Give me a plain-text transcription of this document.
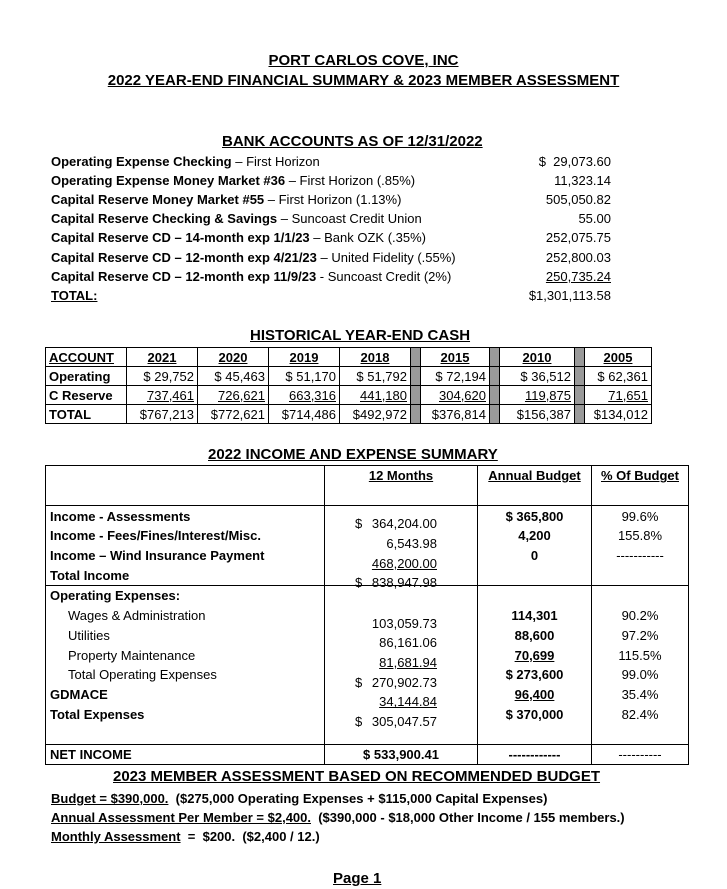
PORT CARLOS COVE, INC
2022 YEAR-END FINANCIAL SUMMARY & 2023 MEMBER ASSESSMENT
BANK ACCOUNTS AS OF 12/31/2022
Operating Expense Checking – First Horizon	$  29,073.60
Operating Expense Money Market #36 – First Horizon (.85%)	11,323.14
Capital Reserve Money Market #55 – First Horizon (1.13%)	505,050.82
Capital Reserve Checking & Savings – Suncoast Credit Union	55.00
Capital Reserve CD – 14-month exp 1/1/23 – Bank OZK (.35%)	252,075.75
Capital Reserve CD – 12-month exp 4/21/23 – United Fidelity (.55%)	252,800.03
Capital Reserve CD – 12-month exp 11/9/23 - Suncoast Credit (2%)	250,735.24
TOTAL:	$1,301,113.58
HISTORICAL YEAR-END CASH
ACCOUNT	2021	2020	2019	2018		2015		2010		2005
Operating	$ 29,752	$ 45,463	$ 51,170	$ 51,792		$ 72,194		$ 36,512		$ 62,361
C Reserve	737,461	726,621	663,316	441,180		304,620		119,875		71,651
TOTAL	$767,213	$772,621	$714,486	$492,972		$376,814		$156,387		$134,012
2022 INCOME AND EXPENSE SUMMARY
	12 Months	Annual Budget	% Of Budget

Income - Assessments	$ 364,204.00	$ 365,800	99.6%
Income - Fees/Fines/Interest/Misc.	6,543.98	4,200	155.8%
Income – Wind Insurance Payment	468,200.00	0	-----------
Total Income	$ 838,947.98		

Operating Expenses:			
Wages & Administration	103,059.73	114,301	90.2%
Utilities	86,161.06	88,600	97.2%
Property Maintenance	81,681.94	70,699	115.5%
Total Operating Expenses	$ 270,902.73	$ 273,600	99.0%
GDMACE	34,144.84	96,400	35.4%
Total Expenses	$ 305,047.57	$ 370,000	82.4%

NET INCOME	$ 533,900.41	------------	----------
2023 MEMBER ASSESSMENT BASED ON RECOMMENDED BUDGET
Budget = $390,000.  ($275,000 Operating Expenses + $115,000 Capital Expenses)
Annual Assessment Per Member = $2,400.  ($390,000 - $18,000 Other Income / 155 members.)
Monthly Assessment  =  $200.  ($2,400 / 12.)
Page 1
